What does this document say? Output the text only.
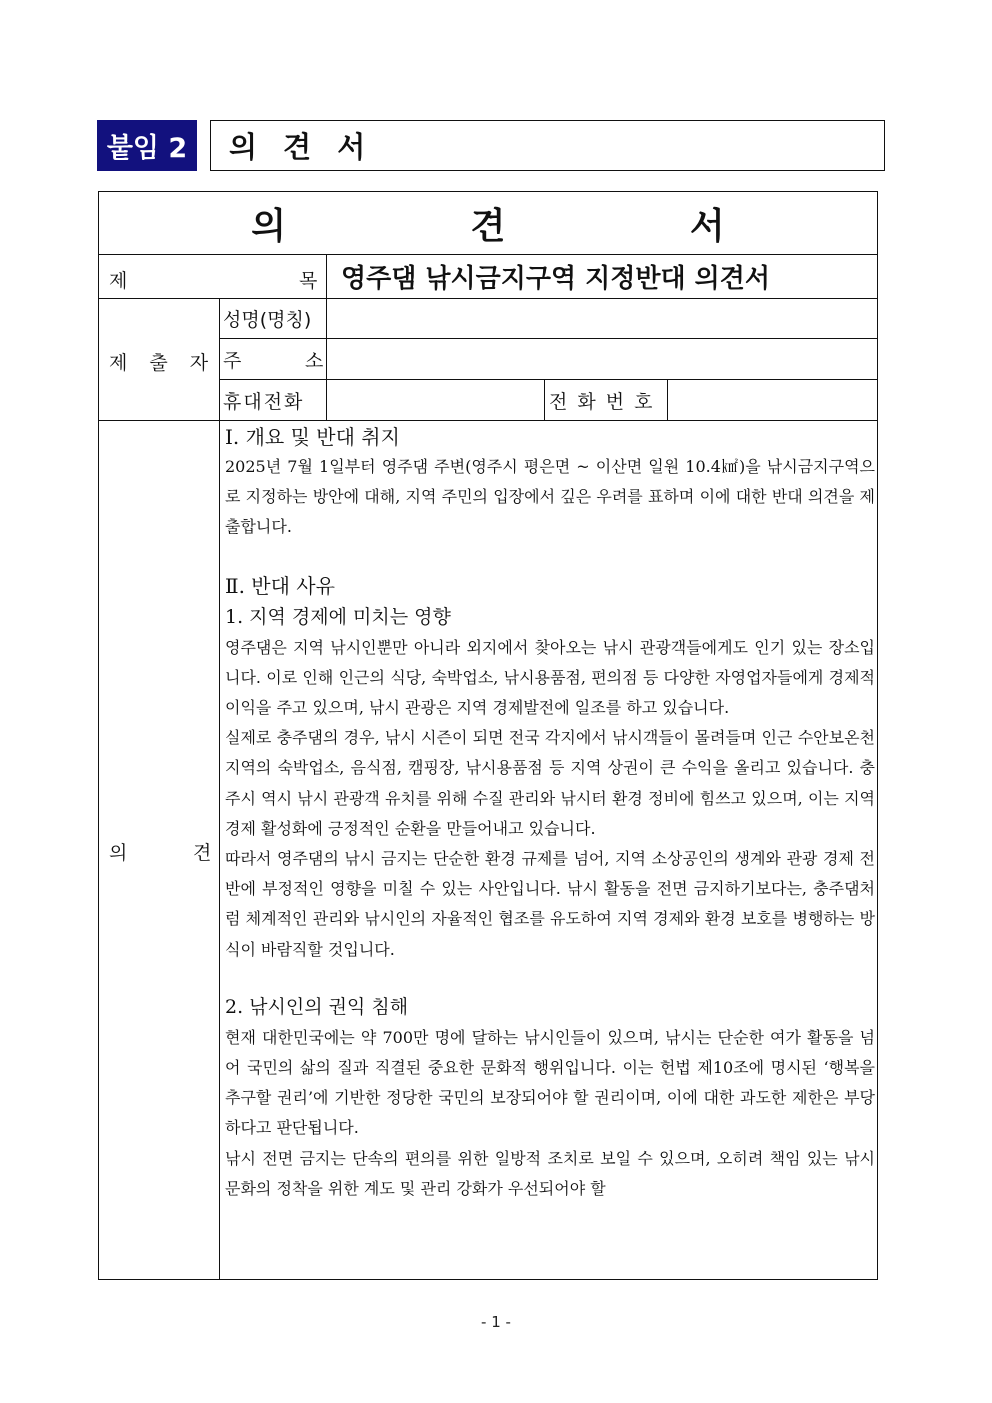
붙임 2	의 견 서
의 견 서
제	목 영주댐 낚시금지구역 지정반대 의견서
제 출 자
성명(명칭)
주	소
휴대전화	전 화 번 호
의	견

Ⅰ. 개요 및 반대 취지

2025년 7월 1일부터 영주댐 주변(영주시 평은면 ~ 이산면 일원 10.4㎢)을 낚시금지구역으로 지정하는 방안에 대해, 지역 주민의 입장에서 깊은 우려를 표하며 이에 대한 반대 의견을 제출합니다.

Ⅱ. 반대 사유

1. 지역 경제에 미치는 영향

영주댐은 지역 낚시인뿐만 아니라 외지에서 찾아오는 낚시 관광객들에게도 인기 있는 장소입니다. 이로 인해 인근의 식당, 숙박업소, 낚시용품점, 편의점 등 다양한 자영업자들에게 경제적 이익을 주고 있으며, 낚시 관광은 지역 경제발전에 일조를 하고 있습니다.

실제로 충주댐의 경우, 낚시 시즌이 되면 전국 각지에서 낚시객들이 몰려들며 인근 수안보온천 지역의 숙박업소, 음식점, 캠핑장, 낚시용품점 등 지역 상권이 큰 수익을 올리고 있습니다. 충주시 역시 낚시 관광객 유치를 위해 수질 관리와 낚시터 환경 정비에 힘쓰고 있으며, 이는 지역 경제 활성화에 긍정적인 순환을 만들어내고 있습니다.

따라서 영주댐의 낚시 금지는 단순한 환경 규제를 넘어, 지역 소상공인의 생계와 관광 경제 전반에 부정적인 영향을 미칠 수 있는 사안입니다. 낚시 활동을 전면 금지하기보다는, 충주댐처럼 체계적인 관리와 낚시인의 자율적인 협조를 유도하여 지역 경제와 환경 보호를 병행하는 방식이 바람직할 것입니다.

2. 낚시인의 권익 침해

현재 대한민국에는 약 700만 명에 달하는 낚시인들이 있으며, 낚시는 단순한 여가 활동을 넘어 국민의 삶의 질과 직결된 중요한 문화적 행위입니다. 이는 헌법 제10조에 명시된 ‘행복을 추구할 권리’에 기반한 정당한 국민의 보장되어야 할 권리이며, 이에 대한 과도한 제한은 부당하다고 판단됩니다.

낚시 전면 금지는 단속의 편의를 위한 일방적 조치로 보일 수 있으며, 오히려 책임 있는 낚시 문화의 정착을 위한 계도 및 관리 강화가 우선되어야 할

- 1 -
